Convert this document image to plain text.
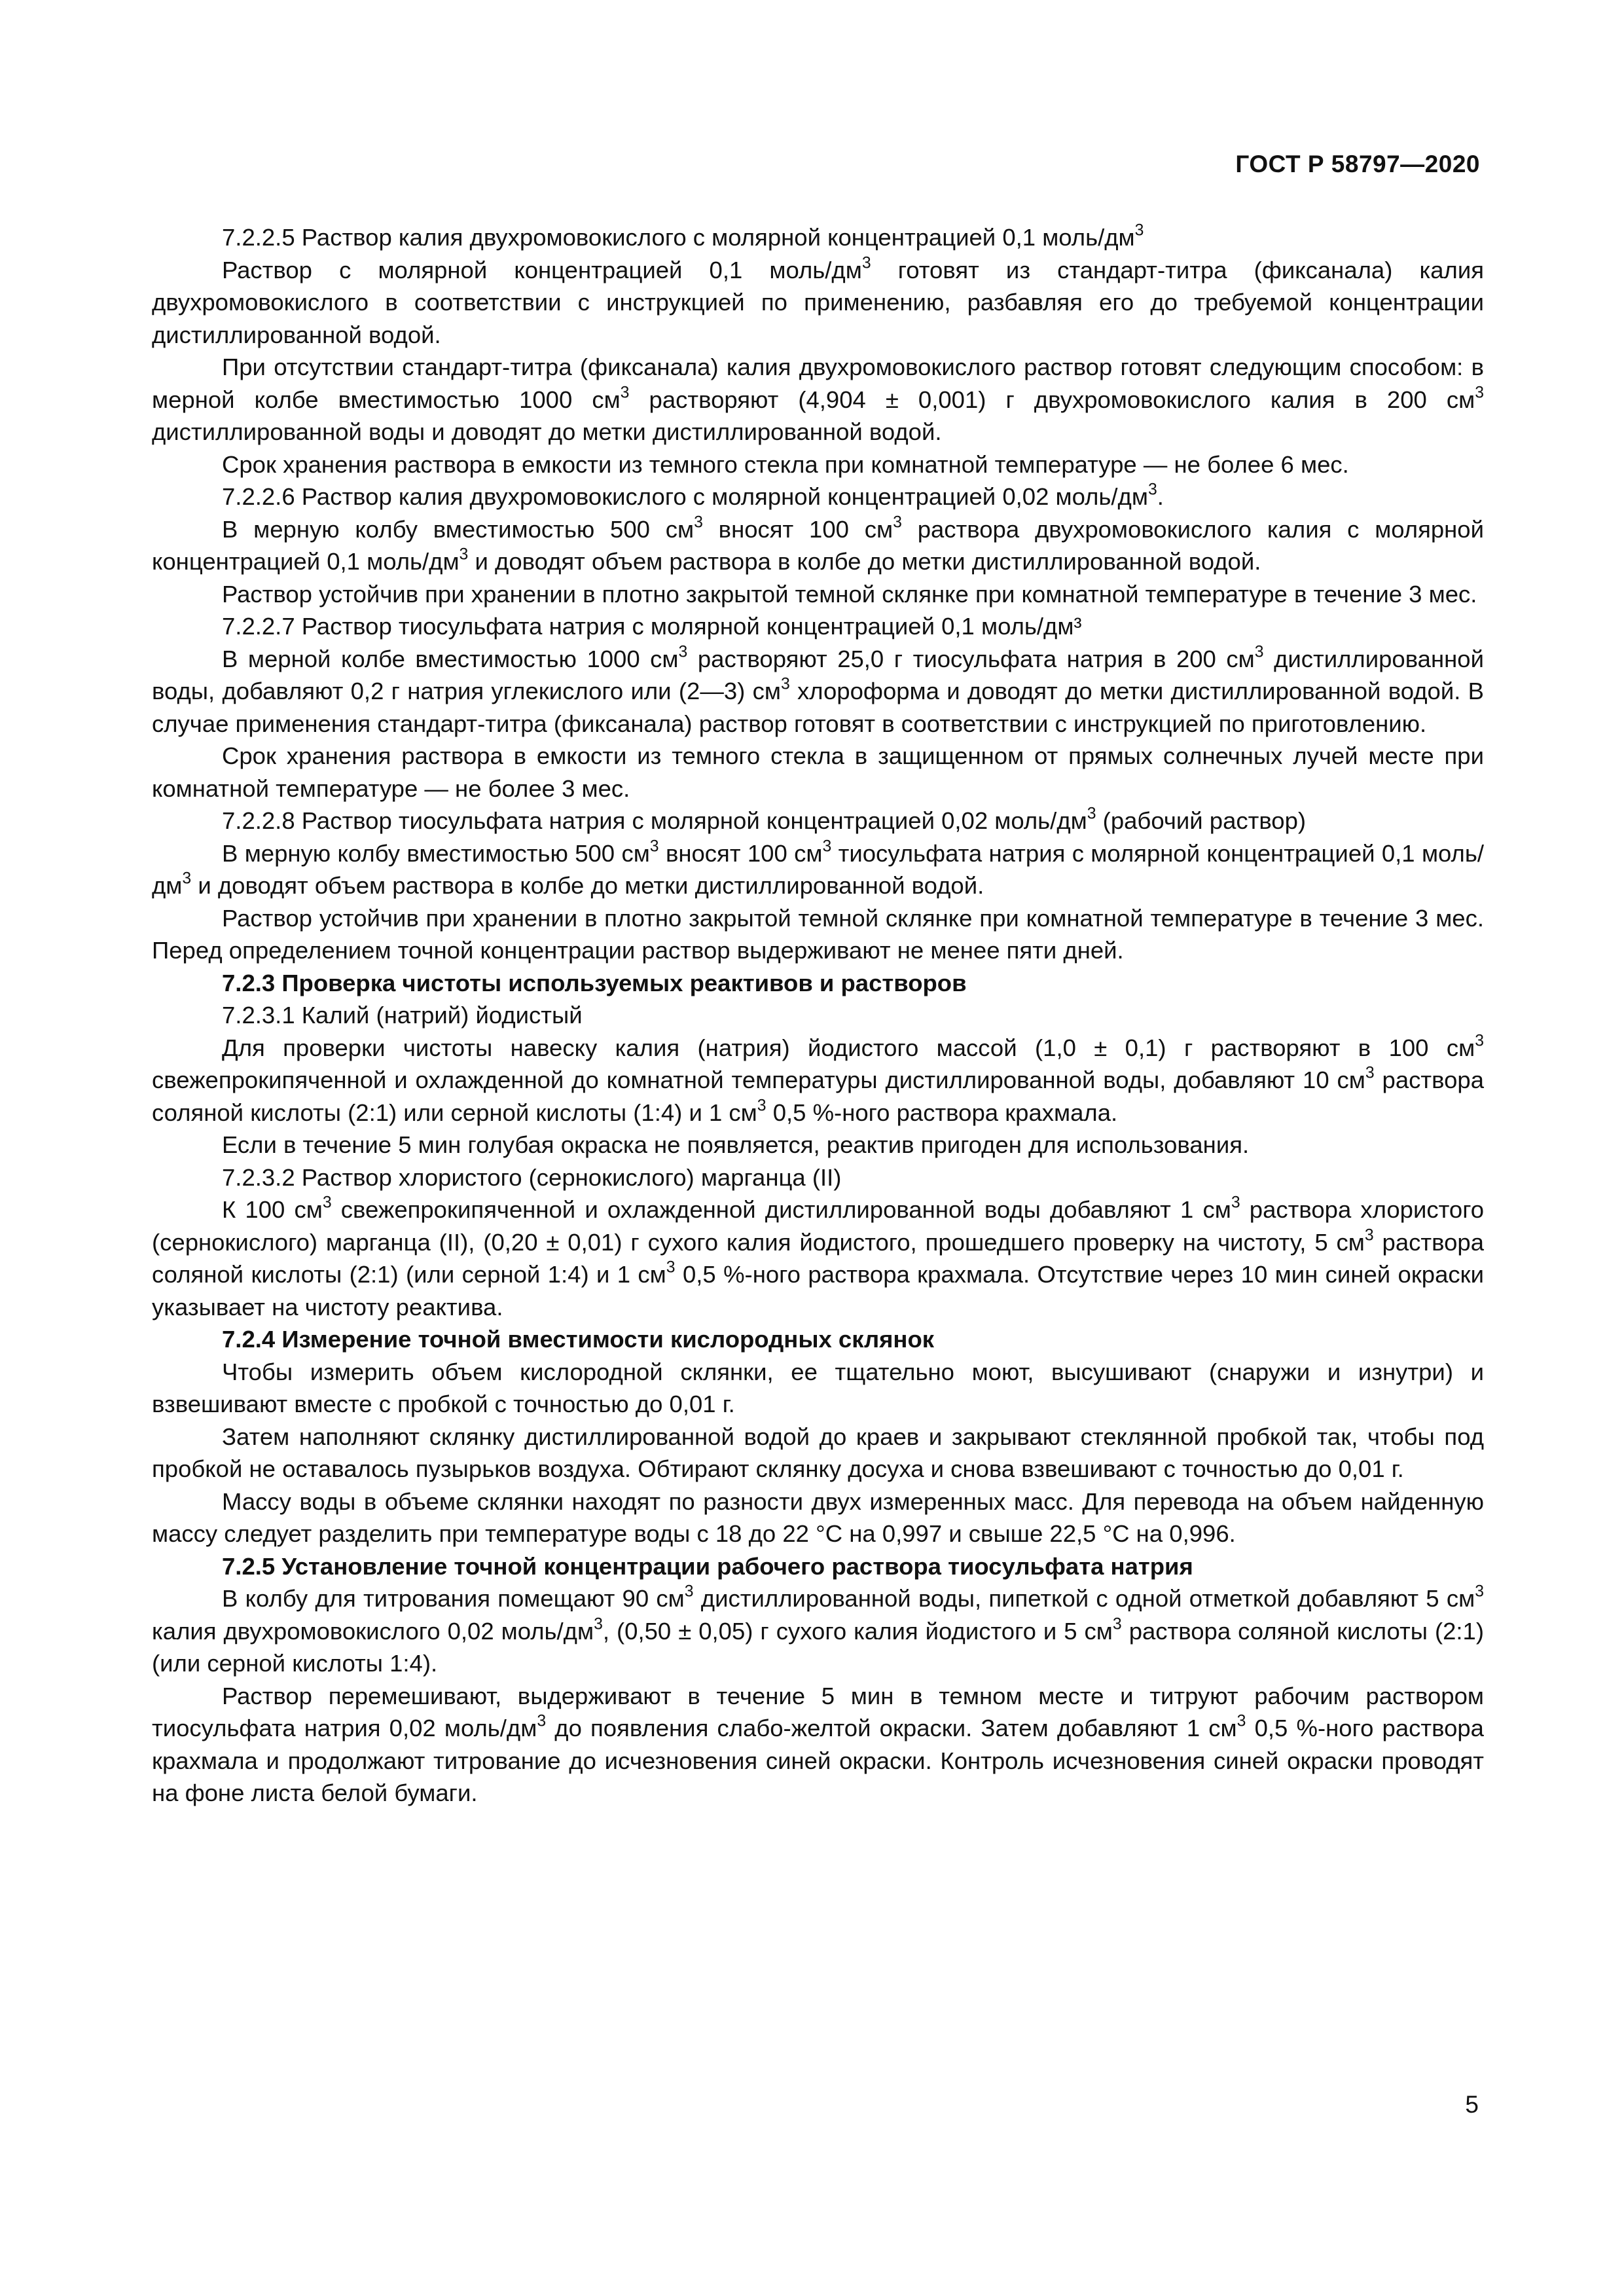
ГОСТ Р 58797—2020

7.2.2.5 Раствор калия двухромовокислого с молярной концентрацией 0,1 моль/$дм^3$

Раствор с молярной концентрацией 0,1 моль/$дм^3$ готовят из стандарт-титра (фиксанала) калия двухромовокислого в соответствии с инструкцией по применению, разбавляя его до требуемой концентрации дистиллированной водой.

При отсутствии стандарт-титра (фиксанала) калия двухромовокислого раствор готовят следующим способом: в мерной колбе вместимостью 1000 $см^3$ растворяют (4,904 ± 0,001) г двухромовокислого калия в 200 $см^3$ дистиллированной воды и доводят до метки дистиллированной водой.

Срок хранения раствора в емкости из темного стекла при комнатной температуре — не более 6 мес.

7.2.2.6 Раствор калия двухромовокислого с молярной концентрацией 0,02 моль/$дм^3$.

В мерную колбу вместимостью 500 $см^3$ вносят 100 $см^3$ раствора двухромовокислого калия с молярной концентрацией 0,1 моль/$дм^3$ и доводят объем раствора в колбе до метки дистиллированной водой.

Раствор устойчив при хранении в плотно закрытой темной склянке при комнатной температуре в течение 3 мес.

7.2.2.7 Раствор тиосульфата натрия с молярной концентрацией 0,1 моль/дм³

В мерной колбе вместимостью 1000 $см^3$ растворяют 25,0 г тиосульфата натрия в 200 $см^3$ дистиллированной воды, добавляют 0,2 г натрия углекислого или (2—3) $см^3$ хлороформа и доводят до метки дистиллированной водой. В случае применения стандарт-титра (фиксанала) раствор готовят в соответствии с инструкцией по приготовлению.

Срок хранения раствора в емкости из темного стекла в защищенном от прямых солнечных лучей месте при комнатной температуре — не более 3 мес.

7.2.2.8 Раствор тиосульфата натрия с молярной концентрацией 0,02 моль/$дм^3$ (рабочий раствор)

В мерную колбу вместимостью 500 $см^3$ вносят 100 $см^3$ тиосульфата натрия с молярной концентрацией 0,1 моль/$дм^3$ и доводят объем раствора в колбе до метки дистиллированной водой.

Раствор устойчив при хранении в плотно закрытой темной склянке при комнатной температуре в течение 3 мес. Перед определением точной концентрации раствор выдерживают не менее пяти дней.

7.2.3 Проверка чистоты используемых реактивов и растворов

7.2.3.1 Калий (натрий) йодистый

Для проверки чистоты навеску калия (натрия) йодистого массой (1,0 ± 0,1) г растворяют в 100 $см^3$ свежепрокипяченной и охлажденной до комнатной температуры дистиллированной воды, добавляют 10 $см^3$ раствора соляной кислоты (2:1) или серной кислоты (1:4) и 1 $см^3$ 0,5 %-ного раствора крахмала.

Если в течение 5 мин голубая окраска не появляется, реактив пригоден для использования.

7.2.3.2 Раствор хлористого (сернокислого) марганца (II)

К 100 $см^3$ свежепрокипяченной и охлажденной дистиллированной воды добавляют 1 $см^3$ раствора хлористого (сернокислого) марганца (II), (0,20 ± 0,01) г сухого калия йодистого, прошедшего проверку на чистоту, 5 $см^3$ раствора соляной кислоты (2:1) (или серной 1:4) и 1 $см^3$ 0,5 %-ного раствора крахмала. Отсутствие через 10 мин синей окраски указывает на чистоту реактива.

7.2.4 Измерение точной вместимости кислородных склянок

Чтобы измерить объем кислородной склянки, ее тщательно моют, высушивают (снаружи и изнутри) и взвешивают вместе с пробкой с точностью до 0,01 г.

Затем наполняют склянку дистиллированной водой до краев и закрывают стеклянной пробкой так, чтобы под пробкой не оставалось пузырьков воздуха. Обтирают склянку досуха и снова взвешивают с точностью до 0,01 г.

Массу воды в объеме склянки находят по разности двух измеренных масс. Для перевода на объем найденную массу следует разделить при температуре воды с 18 до 22 °С на 0,997 и свыше 22,5 °С на 0,996.

7.2.5 Установление точной концентрации рабочего раствора тиосульфата натрия

В колбу для титрования помещают 90 $см^3$ дистиллированной воды, пипеткой с одной отметкой добавляют 5 $см^3$ калия двухромовокислого 0,02 моль/$дм^3$, (0,50 ± 0,05) г сухого калия йодистого и 5 $см^3$ раствора соляной кислоты (2:1) (или серной кислоты 1:4).

Раствор перемешивают, выдерживают в течение 5 мин в темном месте и титруют рабочим раствором тиосульфата натрия 0,02 моль/$дм^3$ до появления слабо-желтой окраски. Затем добавляют 1 $см^3$ 0,5 %-ного раствора крахмала и продолжают титрование до исчезновения синей окраски. Контроль исчезновения синей окраски проводят на фоне листа белой бумаги.

5
